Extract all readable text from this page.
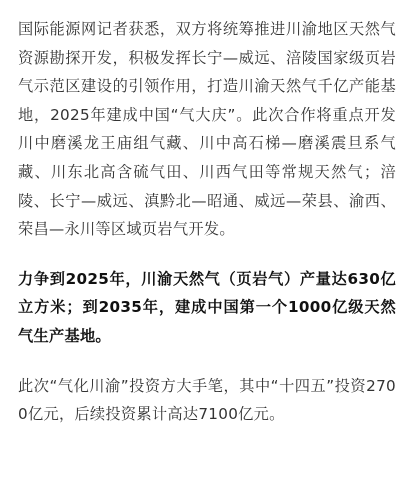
国际能源网记者获悉，双方将统筹推进川渝地区天然气资源勘探开发，积极发挥长宁—威远、涪陵国家级页岩气示范区建设的引领作用，打造川渝天然气千亿产能基地，2025年建成中国“气大庆”。此次合作将重点开发川中磨溪龙王庙组气藏、川中高石梯—磨溪震旦系气藏、川东北高含硫气田、川西气田等常规天然气；涪陵、长宁—威远、滇黔北—昭通、威远—荣县、渝西、荣昌—永川等区域页岩气开发。

力争到2025年，川渝天然气（页岩气）产量达630亿立方米；到2035年，建成中国第一个1000亿级天然气生产基地。

此次“气化川渝”投资方大手笔，其中“十四五”投资2700亿元，后续投资累计高达7100亿元。
